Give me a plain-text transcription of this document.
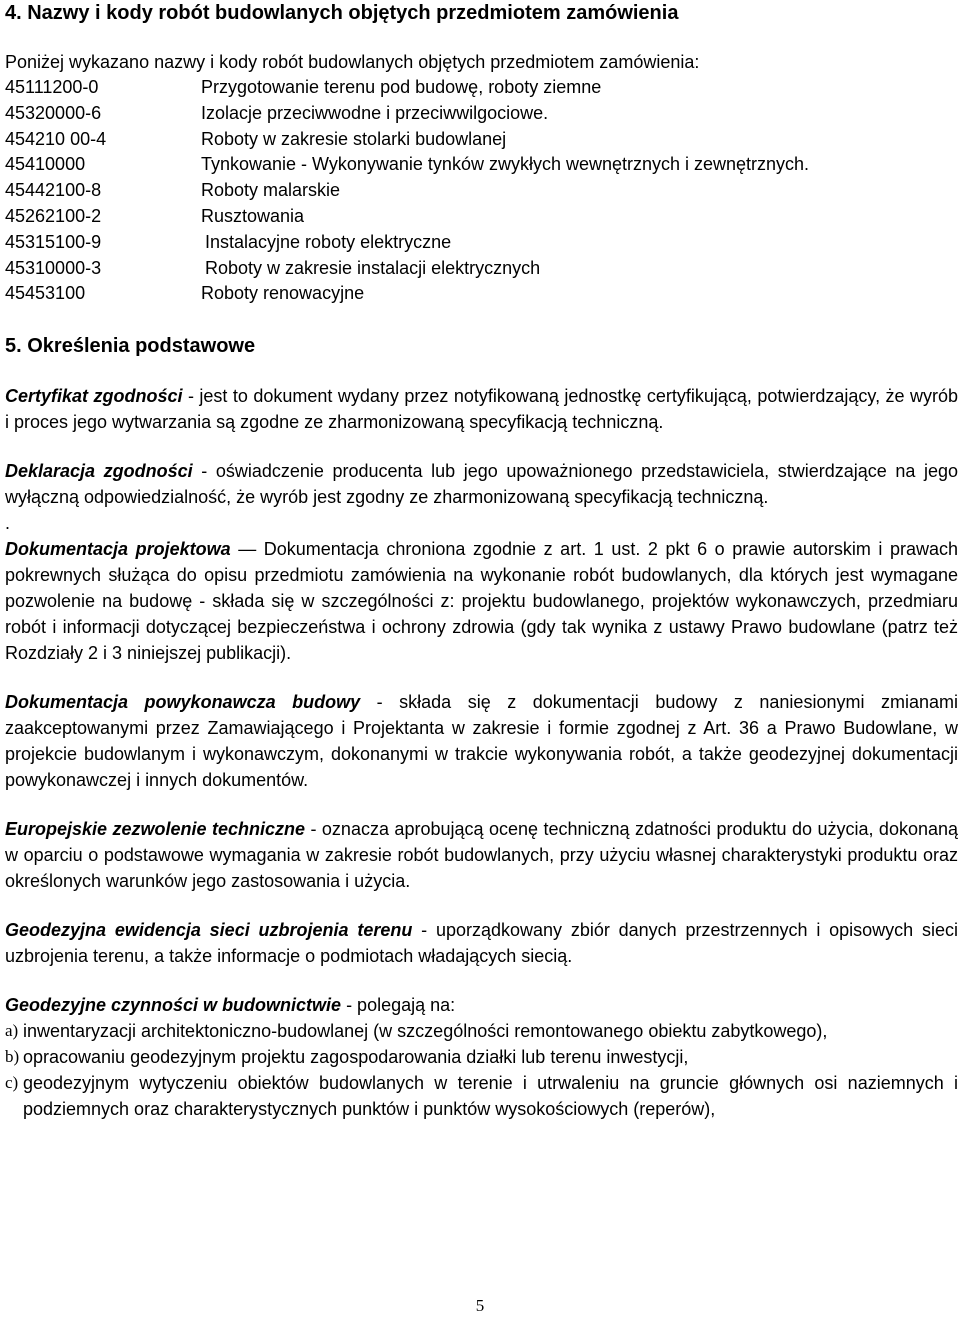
4. Nazwy i kody robót budowlanych objętych przedmiotem zamówienia
Poniżej wykazano nazwy i kody robót budowlanych objętych przedmiotem zamówienia:
45111200-0	Przygotowanie terenu pod budowę, roboty ziemne
45320000-6	Izolacje przeciwwodne i przeciwwilgociowe.
454210 00-4	Roboty w zakresie stolarki budowlanej
45410000	Tynkowanie - Wykonywanie tynków zwykłych wewnętrznych i zewnętrznych.
45442100-8	Roboty malarskie
45262100-2	Rusztowania
45315100-9	Instalacyjne roboty elektryczne
45310000-3	Roboty w zakresie instalacji elektrycznych
45453100	Roboty renowacyjne
5. Określenia podstawowe

Certyfikat zgodności - jest to dokument wydany przez notyfikowaną jednostkę certyfikującą, potwierdzający, że wyrób i proces jego wytwarzania są zgodne ze zharmonizowaną specyfikacją techniczną.

Deklaracja zgodności - oświadczenie producenta lub jego upoważnionego przedstawiciela, stwierdzające na jego wyłączną odpowiedzialność, że wyrób jest zgodny ze zharmonizowaną specyfikacją techniczną.

.

Dokumentacja projektowa — Dokumentacja chroniona zgodnie z art. 1 ust. 2 pkt 6 o prawie autorskim i prawach pokrewnych służąca do opisu przedmiotu zamówienia na wykonanie robót budowlanych, dla których jest wymagane pozwolenie na budowę - składa się w szczególności z: projektu budowlanego, projektów wykonawczych, przedmiaru robót i informacji dotyczącej bezpieczeństwa i ochrony zdrowia (gdy tak wynika z ustawy Prawo budowlane (patrz też Rozdziały 2 i 3 niniejszej publikacji).

Dokumentacja powykonawcza budowy - składa się z dokumentacji budowy z naniesionymi zmianami zaakceptowanymi przez Zamawiającego i Projektanta w zakresie i formie zgodnej z Art. 36 a Prawo Budowlane, w projekcie budowlanym i wykonawczym, dokonanymi w trakcie wykonywania robót, a także geodezyjnej dokumentacji powykonawczej i innych dokumentów.

Europejskie zezwolenie techniczne - oznacza aprobującą ocenę techniczną zdatności produktu do użycia, dokonaną w oparciu o podstawowe wymagania w zakresie robót budowlanych, przy użyciu własnej charakterystyki produktu oraz określonych warunków jego zastosowania i użycia.

Geodezyjna ewidencja sieci uzbrojenia terenu - uporządkowany zbiór danych przestrzennych i opisowych sieci uzbrojenia terenu, a także informacje o podmiotach władających siecią.

Geodezyjne czynności w budownictwie - polegają na:

a) inwentaryzacji architektoniczno-budowlanej (w szczególności remontowanego obiektu zabytkowego),
b) opracowaniu geodezyjnym projektu zagospodarowania działki lub terenu inwestycji,
c) geodezyjnym wytyczeniu obiektów budowlanych w terenie i utrwaleniu na gruncie głównych osi naziemnych i podziemnych oraz charakterystycznych punktów i punktów wysokościowych (reperów),
5
